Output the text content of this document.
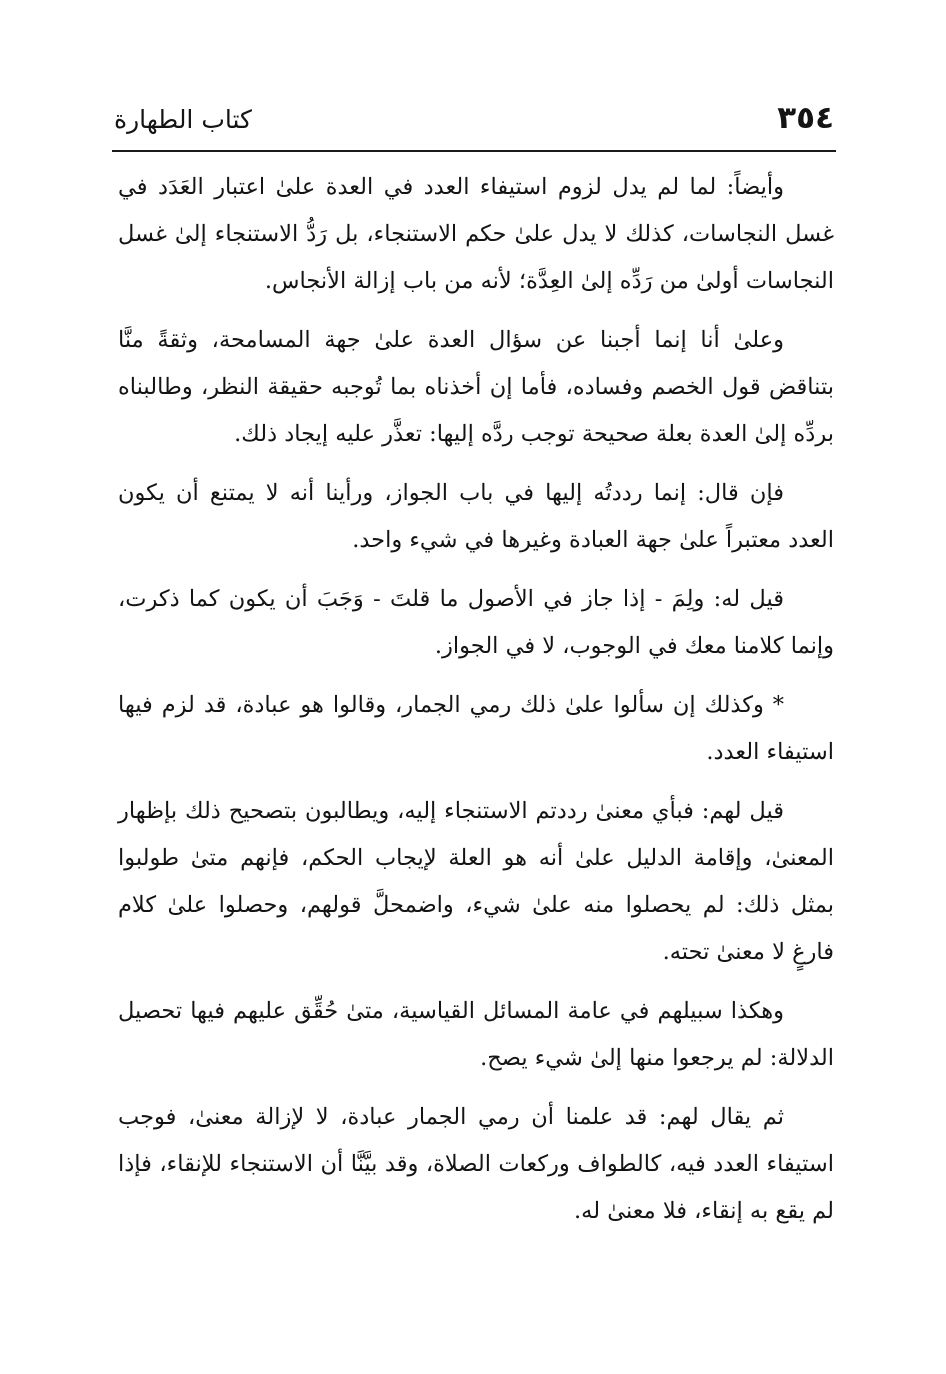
٣٥٤
كتاب الطهارة

وأيضاً: لما لم يدل لزوم استيفاء العدد في العدة علىٰ اعتبار العَدَد في غسل النجاسات، كذلك لا يدل علىٰ حكم الاستنجاء، بل رَدُّ الاستنجاء إلىٰ غسل النجاسات أولىٰ من رَدِّه إلىٰ العِدَّة؛ لأنه من باب إزالة الأنجاس.

وعلىٰ أنا إنما أجبنا عن سؤال العدة علىٰ جهة المسامحة، وثقةً منَّا بتناقض قول الخصم وفساده، فأما إن أخذناه بما تُوجبه حقيقة النظر، وطالبناه بردِّه إلىٰ العدة بعلة صحيحة توجب ردَّه إليها: تعذَّر عليه إيجاد ذلك.

فإن قال: إنما رددتُه إليها في باب الجواز، ورأينا أنه لا يمتنع أن يكون العدد معتبراً علىٰ جهة العبادة وغيرها في شيء واحد.

قيل له: ولِمَ - إذا جاز في الأصول ما قلتَ - وَجَبَ أن يكون كما ذكرت، وإنما كلامنا معك في الوجوب، لا في الجواز.

* وكذلك إن سألوا علىٰ ذلك رمي الجمار، وقالوا هو عبادة، قد لزم فيها استيفاء العدد.

قيل لهم: فبأي معنىٰ رددتم الاستنجاء إليه، ويطالبون بتصحيح ذلك بإظهار المعنىٰ، وإقامة الدليل علىٰ أنه هو العلة لإيجاب الحكم، فإنهم متىٰ طولبوا بمثل ذلك: لم يحصلوا منه علىٰ شيء، واضمحلَّ قولهم، وحصلوا علىٰ كلام فارغٍ لا معنىٰ تحته.

وهكذا سبيلهم في عامة المسائل القياسية، متىٰ حُقِّق عليهم فيها تحصيل الدلالة: لم يرجعوا منها إلىٰ شيء يصح.

ثم يقال لهم: قد علمنا أن رمي الجمار عبادة، لا لإزالة معنىٰ، فوجب استيفاء العدد فيه، كالطواف وركعات الصلاة، وقد بيَّنَّا أن الاستنجاء للإنقاء، فإذا لم يقع به إنقاء، فلا معنىٰ له.
